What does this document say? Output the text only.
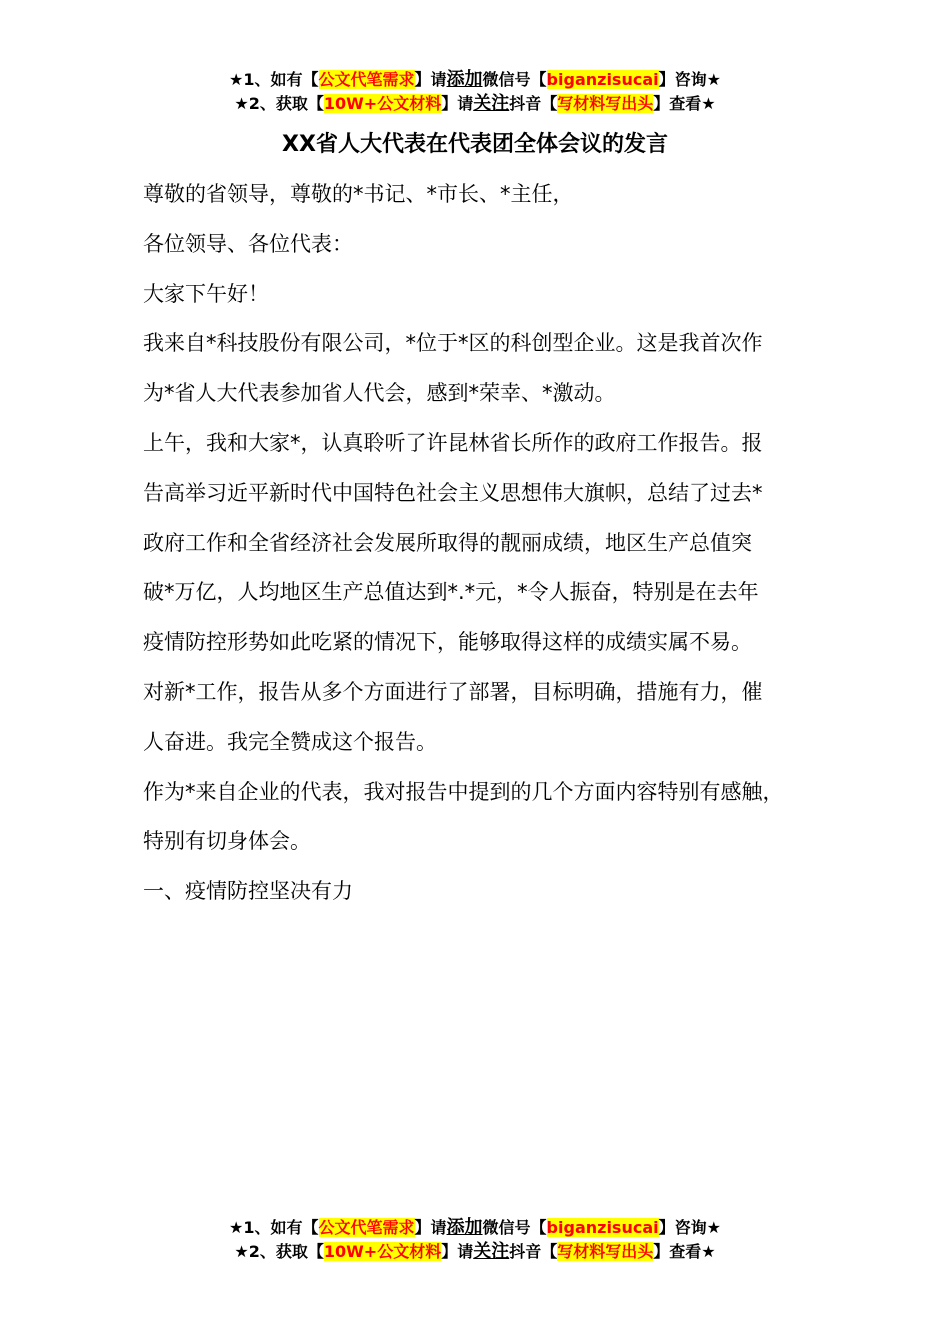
★1、如有【公文代笔需求】请添加微信号【biganzisucai】咨询★
★2、获取【10W+公文材料】请关注抖音【写材料写出头】查看★
XX省人大代表在代表团全体会议的发言

尊敬的省领导，尊敬的*书记、*市长、*主任，

各位领导、各位代表：

大家下午好！

我来自*科技股份有限公司，*位于*区的科创型企业。这是我首次作

为*省人大代表参加省人代会，感到*荣幸、*激动。

上午，我和大家*，认真聆听了许昆林省长所作的政府工作报告。报

告高举习近平新时代中国特色社会主义思想伟大旗帜，总结了过去*

政府工作和全省经济社会发展所取得的靓丽成绩，地区生产总值突

破*万亿，人均地区生产总值达到*.*元，*令人振奋，特别是在去年

疫情防控形势如此吃紧的情况下，能够取得这样的成绩实属不易。

对新*工作，报告从多个方面进行了部署，目标明确，措施有力，催

人奋进。我完全赞成这个报告。

作为*来自企业的代表，我对报告中提到的几个方面内容特别有感触，

特别有切身体会。

一、疫情防控坚决有力

★1、如有【公文代笔需求】请添加微信号【biganzisucai】咨询★
★2、获取【10W+公文材料】请关注抖音【写材料写出头】查看★
